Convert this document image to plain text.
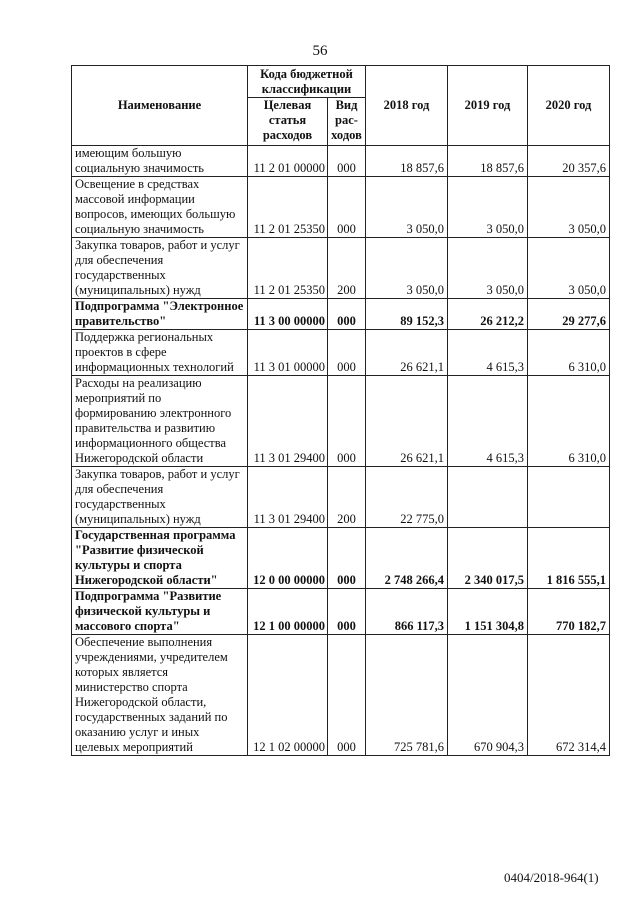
56
Наименование	Кода бюджетной классификации		2018 год	2019 год	2020 год
	Целевая статья расходов	Вид рас-ходов			
имеющим большую социальную значимость	11 2 01 00000	000	18 857,6	18 857,6	20 357,6
Освещение в средствах массовой информации вопросов, имеющих большую социальную значимость	11 2 01 25350	000	3 050,0	3 050,0	3 050,0
Закупка товаров, работ и услуг для обеспечения государственных (муниципальных) нужд	11 2 01 25350	200	3 050,0	3 050,0	3 050,0
Подпрограмма "Электронное правительство"	11 3 00 00000	000	89 152,3	26 212,2	29 277,6
Поддержка региональных проектов в сфере информационных технологий	11 3 01 00000	000	26 621,1	4 615,3	6 310,0
Расходы на реализацию мероприятий по формированию электронного правительства и развитию информационного общества Нижегородской области	11 3 01 29400	000	26 621,1	4 615,3	6 310,0
Закупка товаров, работ и услуг для обеспечения государственных (муниципальных) нужд	11 3 01 29400	200	22 775,0		
Государственная программа "Развитие физической культуры и спорта Нижегородской области"	12 0 00 00000	000	2 748 266,4	2 340 017,5	1 816 555,1
Подпрограмма "Развитие физической культуры и массового спорта"	12 1 00 00000	000	866 117,3	1 151 304,8	770 182,7
Обеспечение выполнения учреждениями, учредителем которых является министерство спорта Нижегородской области, государственных заданий по оказанию услуг и иных целевых мероприятий	12 1 02 00000	000	725 781,6	670 904,3	672 314,4
0404/2018-964(1)
